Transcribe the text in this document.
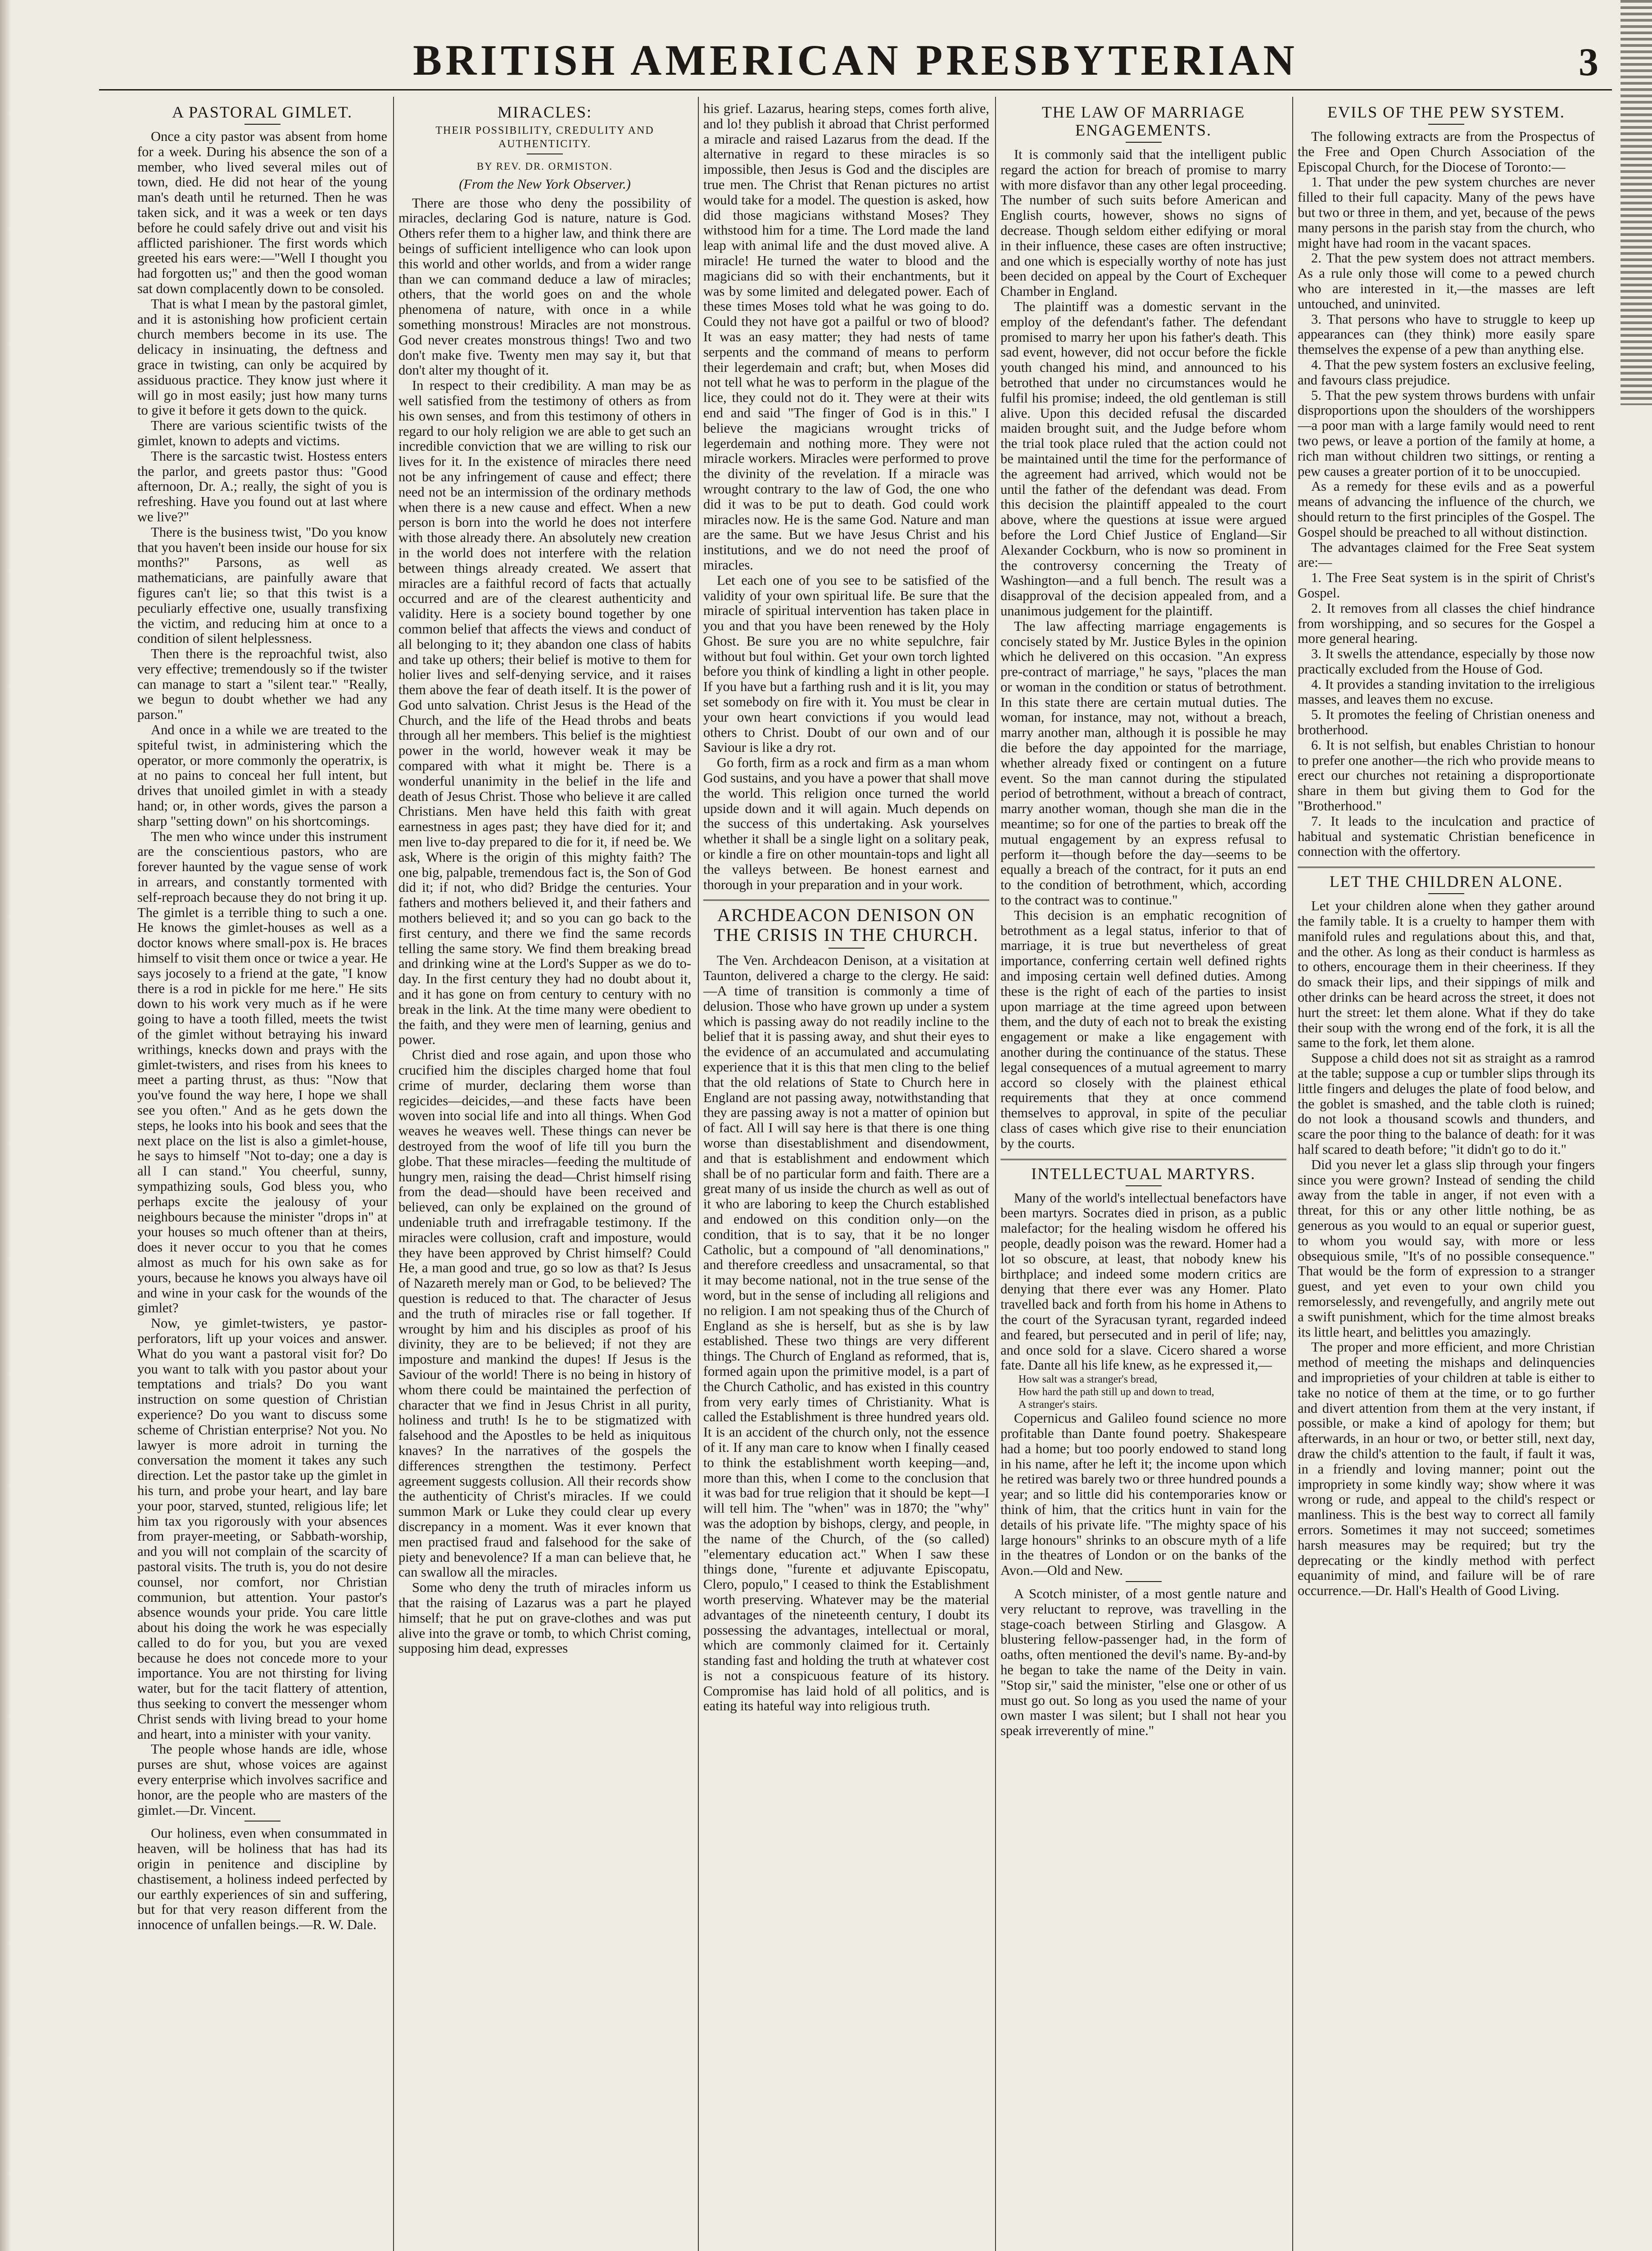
BRITISH AMERICAN PRESBYTERIAN	3

A PASTORAL GIMLET.

Once a city pastor was absent from home for a week. During his absence the son of a member, who lived several miles out of town, died. He did not hear of the young man's death until he returned. Then he was taken sick, and it was a week or ten days before he could safely drive out and visit his afflicted parishioner. The first words which greeted his ears were:—"Well I thought you had forgotten us;" and then the good woman sat down complacently down to be consoled.

That is what I mean by the pastoral gimlet, and it is astonishing how proficient certain church members become in its use. The delicacy in insinuating, the deftness and grace in twisting, can only be acquired by assiduous practice. They know just where it will go in most easily; just how many turns to give it before it gets down to the quick.

There are various scientific twists of the gimlet, known to adepts and victims.

There is the sarcastic twist. Hostess enters the parlor, and greets pastor thus: "Good afternoon, Dr. A.; really, the sight of you is refreshing. Have you found out at last where we live?"

There is the business twist, "Do you know that you haven't been inside our house for six months?" Parsons, as well as mathematicians, are painfully aware that figures can't lie; so that this twist is a peculiarly effective one, usually transfixing the victim, and reducing him at once to a condition of silent helplessness.

Then there is the reproachful twist, also very effective; tremendously so if the twister can manage to start a "silent tear." "Really, we begun to doubt whether we had any parson."

And once in a while we are treated to the spiteful twist, in administering which the operator, or more commonly the operatrix, is at no pains to conceal her full intent, but drives that unoiled gimlet in with a steady hand; or, in other words, gives the parson a sharp "setting down" on his shortcomings.

The men who wince under this instrument are the conscientious pastors, who are forever haunted by the vague sense of work in arrears, and constantly tormented with self-reproach because they do not bring it up. The gimlet is a terrible thing to such a one. He knows the gimlet-houses as well as a doctor knows where small-pox is. He braces himself to visit them once or twice a year. He says jocosely to a friend at the gate, "I know there is a rod in pickle for me here." He sits down to his work very much as if he were going to have a tooth filled, meets the twist of the gimlet without betraying his inward writhings, knecks down and prays with the gimlet-twisters, and rises from his knees to meet a parting thrust, as thus: "Now that you've found the way here, I hope we shall see you often." And as he gets down the steps, he looks into his book and sees that the next place on the list is also a gimlet-house, he says to himself "Not to-day; one a day is all I can stand." You cheerful, sunny, sympathizing souls, God bless you, who perhaps excite the jealousy of your neighbours because the minister "drops in" at your houses so much oftener than at theirs, does it never occur to you that he comes almost as much for his own sake as for yours, because he knows you always have oil and wine in your cask for the wounds of the gimlet?

Now, ye gimlet-twisters, ye pastor-perforators, lift up your voices and answer. What do you want a pastoral visit for? Do you want to talk with you pastor about your temptations and trials? Do you want instruction on some question of Christian experience? Do you want to discuss some scheme of Christian enterprise? Not you. No lawyer is more adroit in turning the conversation the moment it takes any such direction. Let the pastor take up the gimlet in his turn, and probe your heart, and lay bare your poor, starved, stunted, religious life; let him tax you rigorously with your absences from prayer-meeting, or Sabbath-worship, and you will not complain of the scarcity of pastoral visits. The truth is, you do not desire counsel, nor comfort, nor Christian communion, but attention. Your pastor's absence wounds your pride. You care little about his doing the work he was especially called to do for you, but you are vexed because he does not concede more to your importance. You are not thirsting for living water, but for the tacit flattery of attention, thus seeking to convert the messenger whom Christ sends with living bread to your home and heart, into a minister with your vanity.

The people whose hands are idle, whose purses are shut, whose voices are against every enterprise which involves sacrifice and honor, are the people who are masters of the gimlet.—Dr. Vincent.

Our holiness, even when consummated in heaven, will be holiness that has had its origin in penitence and discipline by chastisement, a holiness indeed perfected by our earthly experiences of sin and suffering, but for that very reason different from the innocence of unfallen beings.—R. W. Dale.

MIRACLES:

THEIR POSSIBILITY, CREDULITY AND AUTHENTICITY.

BY REV. DR. ORMISTON.

(From the New York Observer.)

There are those who deny the possibility of miracles, declaring God is nature, nature is God. Others refer them to a higher law, and think there are beings of sufficient intelligence who can look upon this world and other worlds, and from a wider range than we can command deduce a law of miracles; others, that the world goes on and the whole phenomena of nature, with once in a while something monstrous! Miracles are not monstrous. God never creates monstrous things! Two and two don't make five. Twenty men may say it, but that don't alter my thought of it.

In respect to their credibility. A man may be as well satisfied from the testimony of others as from his own senses, and from this testimony of others in regard to our holy religion we are able to get such an incredible conviction that we are willing to risk our lives for it. In the existence of miracles there need not be any infringement of cause and effect; there need not be an intermission of the ordinary methods when there is a new cause and effect. When a new person is born into the world he does not interfere with those already there. An absolutely new creation in the world does not interfere with the relation between things already created. We assert that miracles are a faithful record of facts that actually occurred and are of the clearest authenticity and validity. Here is a society bound together by one common belief that affects the views and conduct of all belonging to it; they abandon one class of habits and take up others; their belief is motive to them for holier lives and self-denying service, and it raises them above the fear of death itself. It is the power of God unto salvation. Christ Jesus is the Head of the Church, and the life of the Head throbs and beats through all her members. This belief is the mightiest power in the world, however weak it may be compared with what it might be. There is a wonderful unanimity in the belief in the life and death of Jesus Christ. Those who believe it are called Christians. Men have held this faith with great earnestness in ages past; they have died for it; and men live to-day prepared to die for it, if need be. We ask, Where is the origin of this mighty faith? The one big, palpable, tremendous fact is, the Son of God did it; if not, who did? Bridge the centuries. Your fathers and mothers believed it, and their fathers and mothers believed it; and so you can go back to the first century, and there we find the same records telling the same story. We find them breaking bread and drinking wine at the Lord's Supper as we do to-day. In the first century they had no doubt about it, and it has gone on from century to century with no break in the link. At the time many were obedient to the faith, and they were men of learning, genius and power.

Christ died and rose again, and upon those who crucified him the disciples charged home that foul crime of murder, declaring them worse than regicides—deicides,—and these facts have been woven into social life and into all things. When God weaves he weaves well. These things can never be destroyed from the woof of life till you burn the globe. That these miracles—feeding the multitude of hungry men, raising the dead—Christ himself rising from the dead—should have been received and believed, can only be explained on the ground of undeniable truth and irrefragable testimony. If the miracles were collusion, craft and imposture, would they have been approved by Christ himself? Could He, a man good and true, go so low as that? Is Jesus of Nazareth merely man or God, to be believed? The question is reduced to that. The character of Jesus and the truth of miracles rise or fall together. If wrought by him and his disciples as proof of his divinity, they are to be believed; if not they are imposture and mankind the dupes! If Jesus is the Saviour of the world! There is no being in history of whom there could be maintained the perfection of character that we find in Jesus Christ in all purity, holiness and truth! Is he to be stigmatized with falsehood and the Apostles to be held as iniquitous knaves? In the narratives of the gospels the differences strengthen the testimony. Perfect agreement suggests collusion. All their records show the authenticity of Christ's miracles. If we could summon Mark or Luke they could clear up every discrepancy in a moment. Was it ever known that men practised fraud and falsehood for the sake of piety and benevolence? If a man can believe that, he can swallow all the miracles.

Some who deny the truth of miracles inform us that the raising of Lazarus was a part he played himself; that he put on grave-clothes and was put alive into the grave or tomb, to which Christ coming, supposing him dead, expresses

his grief. Lazarus, hearing steps, comes forth alive, and lo! they publish it abroad that Christ performed a miracle and raised Lazarus from the dead. If the alternative in regard to these miracles is so impossible, then Jesus is God and the disciples are true men. The Christ that Renan pictures no artist would take for a model. The question is asked, how did those magicians withstand Moses? They withstood him for a time. The Lord made the land leap with animal life and the dust moved alive. A miracle! He turned the water to blood and the magicians did so with their enchantments, but it was by some limited and delegated power. Each of these times Moses told what he was going to do. Could they not have got a pailful or two of blood? It was an easy matter; they had nests of tame serpents and the command of means to perform their legerdemain and craft; but, when Moses did not tell what he was to perform in the plague of the lice, they could not do it. They were at their wits end and said "The finger of God is in this." I believe the magicians wrought tricks of legerdemain and nothing more. They were not miracle workers. Miracles were performed to prove the divinity of the revelation. If a miracle was wrought contrary to the law of God, the one who did it was to be put to death. God could work miracles now. He is the same God. Nature and man are the same. But we have Jesus Christ and his institutions, and we do not need the proof of miracles.

Let each one of you see to be satisfied of the validity of your own spiritual life. Be sure that the miracle of spiritual intervention has taken place in you and that you have been renewed by the Holy Ghost. Be sure you are no white sepulchre, fair without but foul within. Get your own torch lighted before you think of kindling a light in other people. If you have but a farthing rush and it is lit, you may set somebody on fire with it. You must be clear in your own heart convictions if you would lead others to Christ. Doubt of our own and of our Saviour is like a dry rot.

Go forth, firm as a rock and firm as a man whom God sustains, and you have a power that shall move the world. This religion once turned the world upside down and it will again. Much depends on the success of this undertaking. Ask yourselves whether it shall be a single light on a solitary peak, or kindle a fire on other mountain-tops and light all the valleys between. Be honest earnest and thorough in your preparation and in your work.

ARCHDEACON DENISON ON THE CRISIS IN THE CHURCH.

The Ven. Archdeacon Denison, at a visitation at Taunton, delivered a charge to the clergy. He said:—A time of transition is commonly a time of delusion. Those who have grown up under a system which is passing away do not readily incline to the belief that it is passing away, and shut their eyes to the evidence of an accumulated and accumulating experience that it is this that men cling to the belief that the old relations of State to Church here in England are not passing away, notwithstanding that they are passing away is not a matter of opinion but of fact. All I will say here is that there is one thing worse than disestablishment and disendowment, and that is establishment and endowment which shall be of no particular form and faith. There are a great many of us inside the church as well as out of it who are laboring to keep the Church established and endowed on this condition only—on the condition, that is to say, that it be no longer Catholic, but a compound of "all denominations," and therefore creedless and unsacramental, so that it may become national, not in the true sense of the word, but in the sense of including all religions and no religion. I am not speaking thus of the Church of England as she is herself, but as she is by law established. These two things are very different things. The Church of England as reformed, that is, formed again upon the primitive model, is a part of the Church Catholic, and has existed in this country from very early times of Christianity. What is called the Establishment is three hundred years old. It is an accident of the church only, not the essence of it. If any man care to know when I finally ceased to think the establishment worth keeping—and, more than this, when I come to the conclusion that it was bad for true religion that it should be kept—I will tell him. The "when" was in 1870; the "why" was the adoption by bishops, clergy, and people, in the name of the Church, of the (so called) "elementary education act." When I saw these things done, "furente et adjuvante Episcopatu, Clero, populo," I ceased to think the Establishment worth preserving. Whatever may be the material advantages of the nineteenth century, I doubt its possessing the advantages, intellectual or moral, which are commonly claimed for it. Certainly standing fast and holding the truth at whatever cost is not a conspicuous feature of its history. Compromise has laid hold of all politics, and is eating its hateful way into religious truth.

THE LAW OF MARRIAGE ENGAGEMENTS.

It is commonly said that the intelligent public regard the action for breach of promise to marry with more disfavor than any other legal proceeding. The number of such suits before American and English courts, however, shows no signs of decrease. Though seldom either edifying or moral in their influence, these cases are often instructive; and one which is especially worthy of note has just been decided on appeal by the Court of Exchequer Chamber in England.

The plaintiff was a domestic servant in the employ of the defendant's father. The defendant promised to marry her upon his father's death. This sad event, however, did not occur before the fickle youth changed his mind, and announced to his betrothed that under no circumstances would he fulfil his promise; indeed, the old gentleman is still alive. Upon this decided refusal the discarded maiden brought suit, and the Judge before whom the trial took place ruled that the action could not be maintained until the time for the performance of the agreement had arrived, which would not be until the father of the defendant was dead. From this decision the plaintiff appealed to the court above, where the questions at issue were argued before the Lord Chief Justice of England—Sir Alexander Cockburn, who is now so prominent in the controversy concerning the Treaty of Washington—and a full bench. The result was a disapproval of the decision appealed from, and a unanimous judgement for the plaintiff.

The law affecting marriage engagements is concisely stated by Mr. Justice Byles in the opinion which he delivered on this occasion. "An express pre-contract of marriage," he says, "places the man or woman in the condition or status of betrothment. In this state there are certain mutual duties. The woman, for instance, may not, without a breach, marry another man, although it is possible he may die before the day appointed for the marriage, whether already fixed or contingent on a future event. So the man cannot during the stipulated period of betrothment, without a breach of contract, marry another woman, though she man die in the meantime; so for one of the parties to break off the mutual engagement by an express refusal to perform it—though before the day—seems to be equally a breach of the contract, for it puts an end to the condition of betrothment, which, according to the contract was to continue."

This decision is an emphatic recognition of betrothment as a legal status, inferior to that of marriage, it is true but nevertheless of great importance, conferring certain well defined rights and imposing certain well defined duties. Among these is the right of each of the parties to insist upon marriage at the time agreed upon between them, and the duty of each not to break the existing engagement or make a like engagement with another during the continuance of the status. These legal consequences of a mutual agreement to marry accord so closely with the plainest ethical requirements that they at once commend themselves to approval, in spite of the peculiar class of cases which give rise to their enunciation by the courts.

INTELLECTUAL MARTYRS.

Many of the world's intellectual benefactors have been martyrs. Socrates died in prison, as a public malefactor; for the healing wisdom he offered his people, deadly poison was the reward. Homer had a lot so obscure, at least, that nobody knew his birthplace; and indeed some modern critics are denying that there ever was any Homer. Plato travelled back and forth from his home in Athens to the court of the Syracusan tyrant, regarded indeed and feared, but persecuted and in peril of life; nay, and once sold for a slave. Cicero shared a worse fate. Dante all his life knew, as he expressed it,—

How salt was a stranger's bread,

How hard the path still up and down to tread,

A stranger's stairs.

Copernicus and Galileo found science no more profitable than Dante found poetry. Shakespeare had a home; but too poorly endowed to stand long in his name, after he left it; the income upon which he retired was barely two or three hundred pounds a year; and so little did his contemporaries know or think of him, that the critics hunt in vain for the details of his private life. "The mighty space of his large honours" shrinks to an obscure myth of a life in the theatres of London or on the banks of the Avon.—Old and New.

A Scotch minister, of a most gentle nature and very reluctant to reprove, was travelling in the stage-coach between Stirling and Glasgow. A blustering fellow-passenger had, in the form of oaths, often mentioned the devil's name. By-and-by he began to take the name of the Deity in vain. "Stop sir," said the minister, "else one or other of us must go out. So long as you used the name of your own master I was silent; but I shall not hear you speak irreverently of mine."

EVILS OF THE PEW SYSTEM.

The following extracts are from the Prospectus of the Free and Open Church Association of the Episcopal Church, for the Diocese of Toronto:—

1. That under the pew system churches are never filled to their full capacity. Many of the pews have but two or three in them, and yet, because of the pews many persons in the parish stay from the church, who might have had room in the vacant spaces.

2. That the pew system does not attract members. As a rule only those will come to a pewed church who are interested in it,—the masses are left untouched, and uninvited.

3. That persons who have to struggle to keep up appearances can (they think) more easily spare themselves the expense of a pew than anything else.

4. That the pew system fosters an exclusive feeling, and favours class prejudice.

5. That the pew system throws burdens with unfair disproportions upon the shoulders of the worshippers—a poor man with a large family would need to rent two pews, or leave a portion of the family at home, a rich man without children two sittings, or renting a pew causes a greater portion of it to be unoccupied.

As a remedy for these evils and as a powerful means of advancing the influence of the church, we should return to the first principles of the Gospel. The Gospel should be preached to all without distinction.

The advantages claimed for the Free Seat system are:—

1. The Free Seat system is in the spirit of Christ's Gospel.

2. It removes from all classes the chief hindrance from worshipping, and so secures for the Gospel a more general hearing.

3. It swells the attendance, especially by those now practically excluded from the House of God.

4. It provides a standing invitation to the irreligious masses, and leaves them no excuse.

5. It promotes the feeling of Christian oneness and brotherhood.

6. It is not selfish, but enables Christian to honour to prefer one another—the rich who provide means to erect our churches not retaining a disproportionate share in them but giving them to God for the "Brotherhood."

7. It leads to the inculcation and practice of habitual and systematic Christian beneficence in connection with the offertory.

LET THE CHILDREN ALONE.

Let your children alone when they gather around the family table. It is a cruelty to hamper them with manifold rules and regulations about this, and that, and the other. As long as their conduct is harmless as to others, encourage them in their cheeriness. If they do smack their lips, and their sippings of milk and other drinks can be heard across the street, it does not hurt the street: let them alone. What if they do take their soup with the wrong end of the fork, it is all the same to the fork, let them alone.

Suppose a child does not sit as straight as a ramrod at the table; suppose a cup or tumbler slips through its little fingers and deluges the plate of food below, and the goblet is smashed, and the table cloth is ruined; do not look a thousand scowls and thunders, and scare the poor thing to the balance of death: for it was half scared to death before; "it didn't go to do it."

Did you never let a glass slip through your fingers since you were grown? Instead of sending the child away from the table in anger, if not even with a threat, for this or any other little nothing, be as generous as you would to an equal or superior guest, to whom you would say, with more or less obsequious smile, "It's of no possible consequence." That would be the form of expression to a stranger guest, and yet even to your own child you remorselessly, and revengefully, and angrily mete out a swift punishment, which for the time almost breaks its little heart, and belittles you amazingly.

The proper and more efficient, and more Christian method of meeting the mishaps and delinquencies and improprieties of your children at table is either to take no notice of them at the time, or to go further and divert attention from them at the very instant, if possible, or make a kind of apology for them; but afterwards, in an hour or two, or better still, next day, draw the child's attention to the fault, if fault it was, in a friendly and loving manner; point out the impropriety in some kindly way; show where it was wrong or rude, and appeal to the child's respect or manliness. This is the best way to correct all family errors. Sometimes it may not succeed; sometimes harsh measures may be required; but try the deprecating or the kindly method with perfect equanimity of mind, and failure will be of rare occurrence.—Dr. Hall's Health of Good Living.
